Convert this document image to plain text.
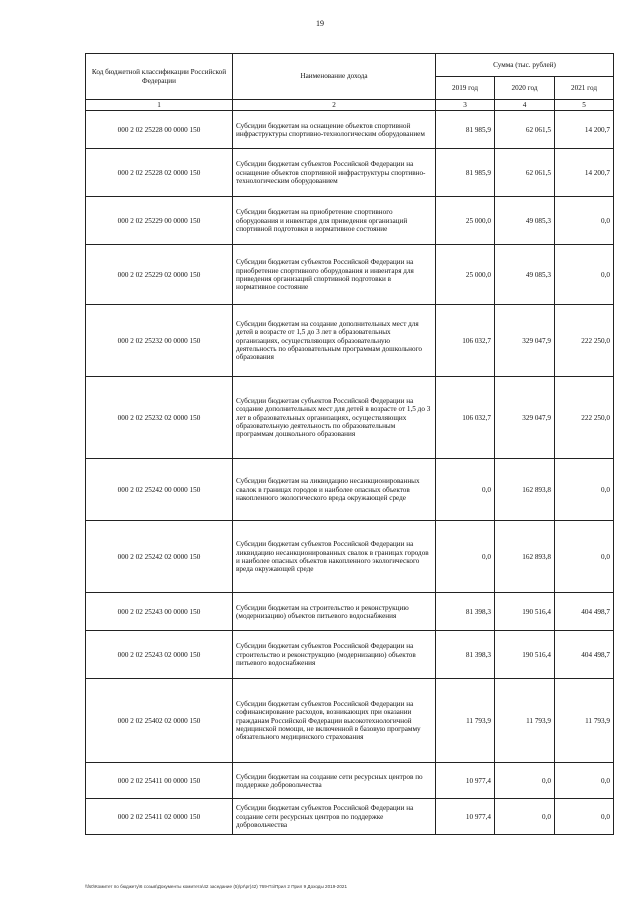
19
Код бюджетной классификации Российской Федерации	Наименование дохода	Сумма (тыс. рублей)		
		2019 год	2020 год	2021 год
1	2	3	4	5
000 2 02 25228 00 0000 150	Субсидии бюджетам на оснащение объектов спортивной инфраструктуры спортивно-технологическим оборудованием	81 985,9	62 061,5	14 200,7
000 2 02 25228 02 0000 150	Субсидии бюджетам субъектов Российской Федерации на оснащение объектов спортивной инфраструктуры спортивно-технологическим оборудованием	81 985,9	62 061,5	14 200,7
000 2 02 25229 00 0000 150	Субсидии бюджетам на приобретение спортивного оборудования и инвентаря для приведения организаций спортивной подготовки в нормативное состояние	25 000,0	49 085,3	0,0
000 2 02 25229 02 0000 150	Субсидии бюджетам субъектов Российской Федерации на приобретение спортивного оборудования и инвентаря для приведения организаций спортивной подготовки в нормативное состояние	25 000,0	49 085,3	0,0
000 2 02 25232 00 0000 150	Субсидии бюджетам на создание дополнительных мест для детей в возрасте от 1,5 до 3 лет в образовательных организациях, осуществляющих образовательную деятельность по образовательным программам дошкольного образования	106 032,7	329 047,9	222 250,0
000 2 02 25232 02 0000 150	Субсидии бюджетам субъектов Российской Федерации на создание дополнительных мест для детей в возрасте от 1,5 до 3 лет в образовательных организациях, осуществляющих образовательную деятельность по образовательным программам дошкольного образования	106 032,7	329 047,9	222 250,0
000 2 02 25242 00 0000 150	Субсидии бюджетам на ликвидацию несанкционированных свалок в границах городов и наиболее опасных объектов накопленного экологического вреда окружающей среде	0,0	162 893,8	0,0
000 2 02 25242 02 0000 150	Субсидии бюджетам субъектов Российской Федерации на ликвидацию несанкционированных свалок в границах городов и наиболее опасных объектов накопленного экологического вреда окружающей среде	0,0	162 893,8	0,0
000 2 02 25243 00 0000 150	Субсидии бюджетам на строительство и реконструкцию (модернизацию) объектов питьевого водоснабжения	81 398,3	190 516,4	404 498,7
000 2 02 25243 02 0000 150	Субсидии бюджетам субъектов Российской Федерации на строительство и реконструкцию (модернизацию) объектов питьевого водоснабжения	81 398,3	190 516,4	404 498,7
000 2 02 25402 02 0000 150	Субсидии бюджетам субъектов Российской Федерации на софинансирование расходов, возникающих при оказании гражданам Российской Федерации высокотехнологичной медицинской помощи, не включенной в базовую программу обязательного медицинского страхования	11 793,9	11 793,9	11 793,9
000 2 02 25411 00 0000 150	Субсидии бюджетам на создание сети ресурсных центров по поддержке добровольчества	10 977,4	0,0	0,0
000 2 02 25411 02 0000 150	Субсидии бюджетам субъектов Российской Федерации на создание сети ресурсных центров по поддержке добровольчества	10 977,4	0,0	0,0
\\fs0\Комитет по бюджету\6 созыв\Документы комитета\42 заседание (5)\pr\pr(42) 769-Пз\Прил 2 Прил 9 Доходы 2019-2021
